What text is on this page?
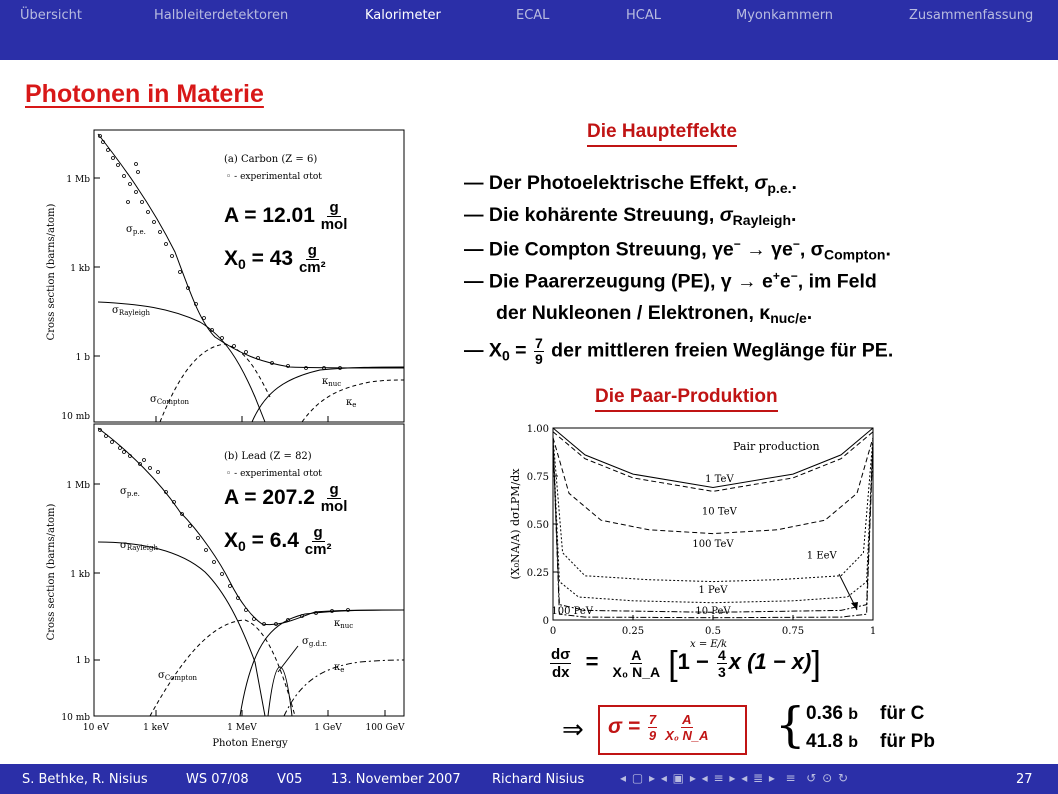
Übersicht	Halbleiterdetektoren	Kalorimeter	ECAL	HCAL	Myonkammern	Zusammenfassung
Photonen in Materie
Cross section (barns/atom)
Cross section (barns/atom)
1 Mb
1 kb
1 b
10 mb
1 Mb
1 kb
1 b
10 mb
10 eV	1 keV	1 MeV	1 GeV	100 GeV
Photon Energy
(a) Carbon (Z = 6)
◦ - experimental σtot
(b) Lead (Z = 82)
◦ - experimental σtot
$\sigma_{p.e.}$
$\sigma_{Rayleigh}$
$\sigma_{Compton}$
$\kappa_{nuc}$
$\kappa_e$
$\sigma_{p.e.}$
$\sigma_{Rayleigh}$
$\sigma_{Compton}$
$\kappa_{nuc}$
$\sigma_{g.d.r.}$
$\kappa_e$
A = 12.01 g
mol
$X_0 = 43 \frac{g}{\text{cm²}}$
A = 207.2 g
mol
$X_0 = 6.4 \frac{g}{\text{cm²}}$
Die Haupteffekte
— Der Photoelektrische Effekt, $\sigma_{p.e.}$.
— Die kohärente Streuung, $\sigma_{Rayleigh}$.
— Die Compton Streuung, γe− → γe−, $\sigma_{Compton}$.
— Die Paarerzeugung (PE), γ → e+e−, im Feld
der Nukleonen / Elektronen, $\kappa_{nuc/e}$.
— $X_0 = \frac{7}{9}$ der mittleren freien Weglänge für PE.
Die Paar-Produktion
(X₀NA/A) dσLPM/dx
Pair production
0	0.25	0.5	0.75	1
0
0.25
0.50
0.75
1.00
1 TeV
10 TeV
100 TeV
1 EeV
1 PeV
10 PeV
100 PeV
$\frac{d\sigma}{dx} = \frac{A}{\text{X₀ N\_A}} [1 - \frac{4}{3}$ x (1 − x)]
x = E/k
⇒ $\sigma = \frac{7}{9} \frac{A}{\text{X₀ N\_A}}$ { 0.36 b für C
41.8 b für Pb
S. Bethke, R. Nisius	WS 07/08 V05 13. November 2007 Richard Nisius	◂ ▢ ▸ ◂ ▣ ▸ ◂ ≡ ▸ ◂ ≣ ▸  ≡  ↺ ⊙ ↻	27
